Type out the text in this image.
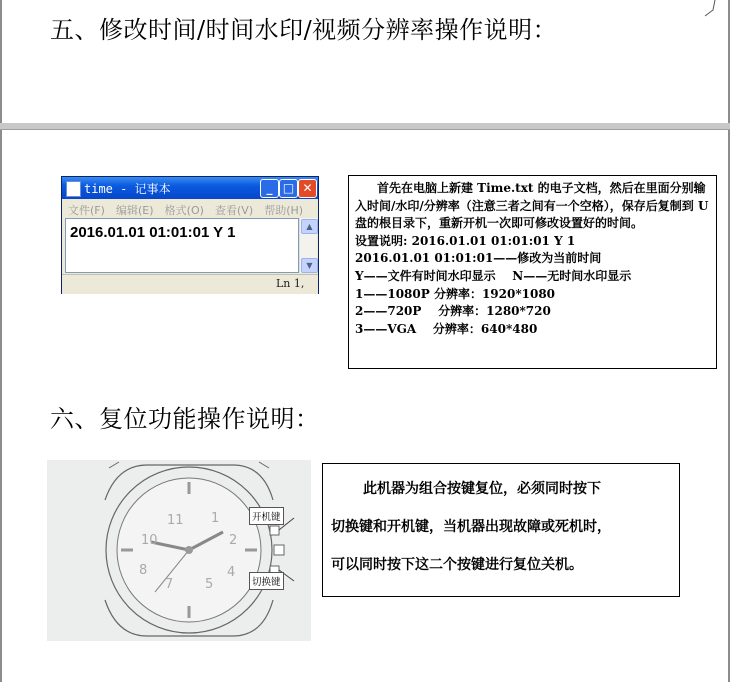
五、修改时间/时间水印/视频分辨率操作说明：
time - 记事本	_ □ ✕
文件(F) 编辑(E) 格式(O) 查看(V) 帮助(H)
2016.01.01 01:01:01 Y 1	▲
▼
Ln 1,

首先在电脑上新建 Time.txt 的电子文档，然后在里面分别输入时间/水印/分辨率（注意三者之间有一个空格），保存后复制到 U 盘的根目录下，重新开机一次即可修改设置好的时间。

设置说明: 2016.01.01 01:01:01 Y 1

2016.01.01 01:01:01——修改为当前时间

Y——文件有时间水印显示    N——无时间水印显示

1——1080P 分辨率：1920*1080

2——720P    分辨率：1280*720

3——VGA    分辨率：640*480

六、复位功能操作说明：
11 1
10	2
8	4
7 5
开机键
切换键

此机器为组合按键复位，必须同时按下

切换键和开机键，当机器出现故障或死机时，

可以同时按下这二个按键进行复位关机。
